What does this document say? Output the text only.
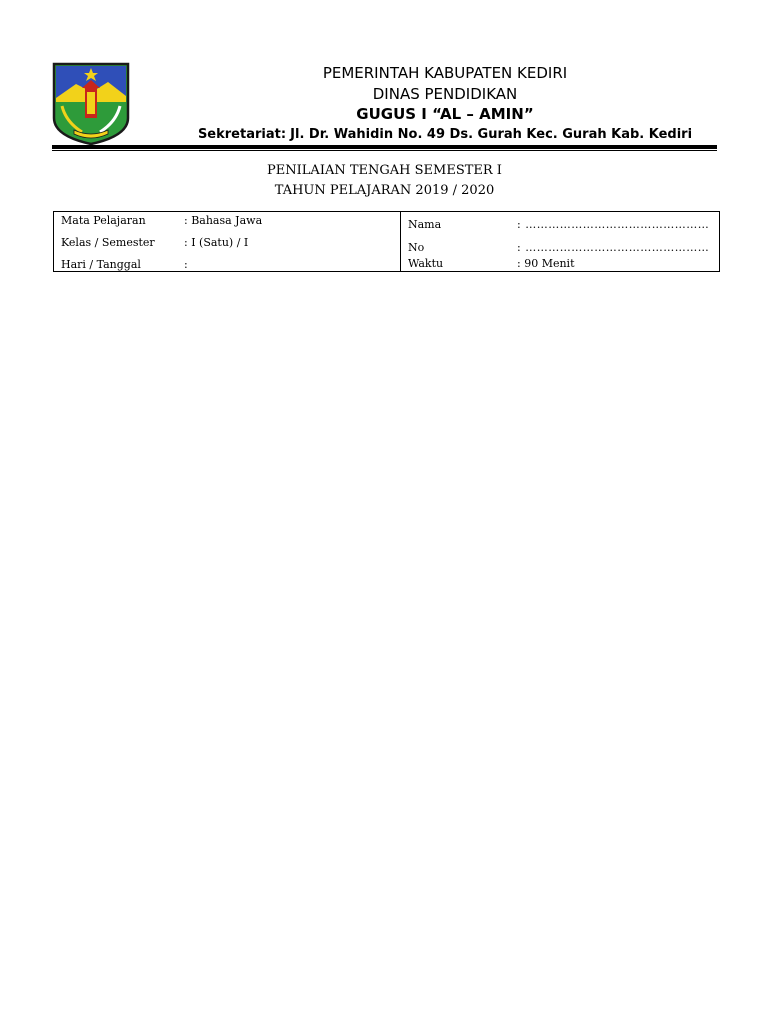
PEMERINTAH KABUPATEN KEDIRI
DINAS PENDIDIKAN
GUGUS I “AL – AMIN”
Sekretariat: Jl. Dr. Wahidin No. 49 Ds. Gurah Kec. Gurah Kab. Kediri
PENILAIAN TENGAH SEMESTER I
TAHUN PELAJARAN 2019 / 2020
Mata Pelajaran	: Bahasa Jawa
Kelas / Semester	: I (Satu) / I
Hari / Tanggal	:
Nama	: …………………………………………
No	: …………………………………………
Waktu	: 90 Menit
